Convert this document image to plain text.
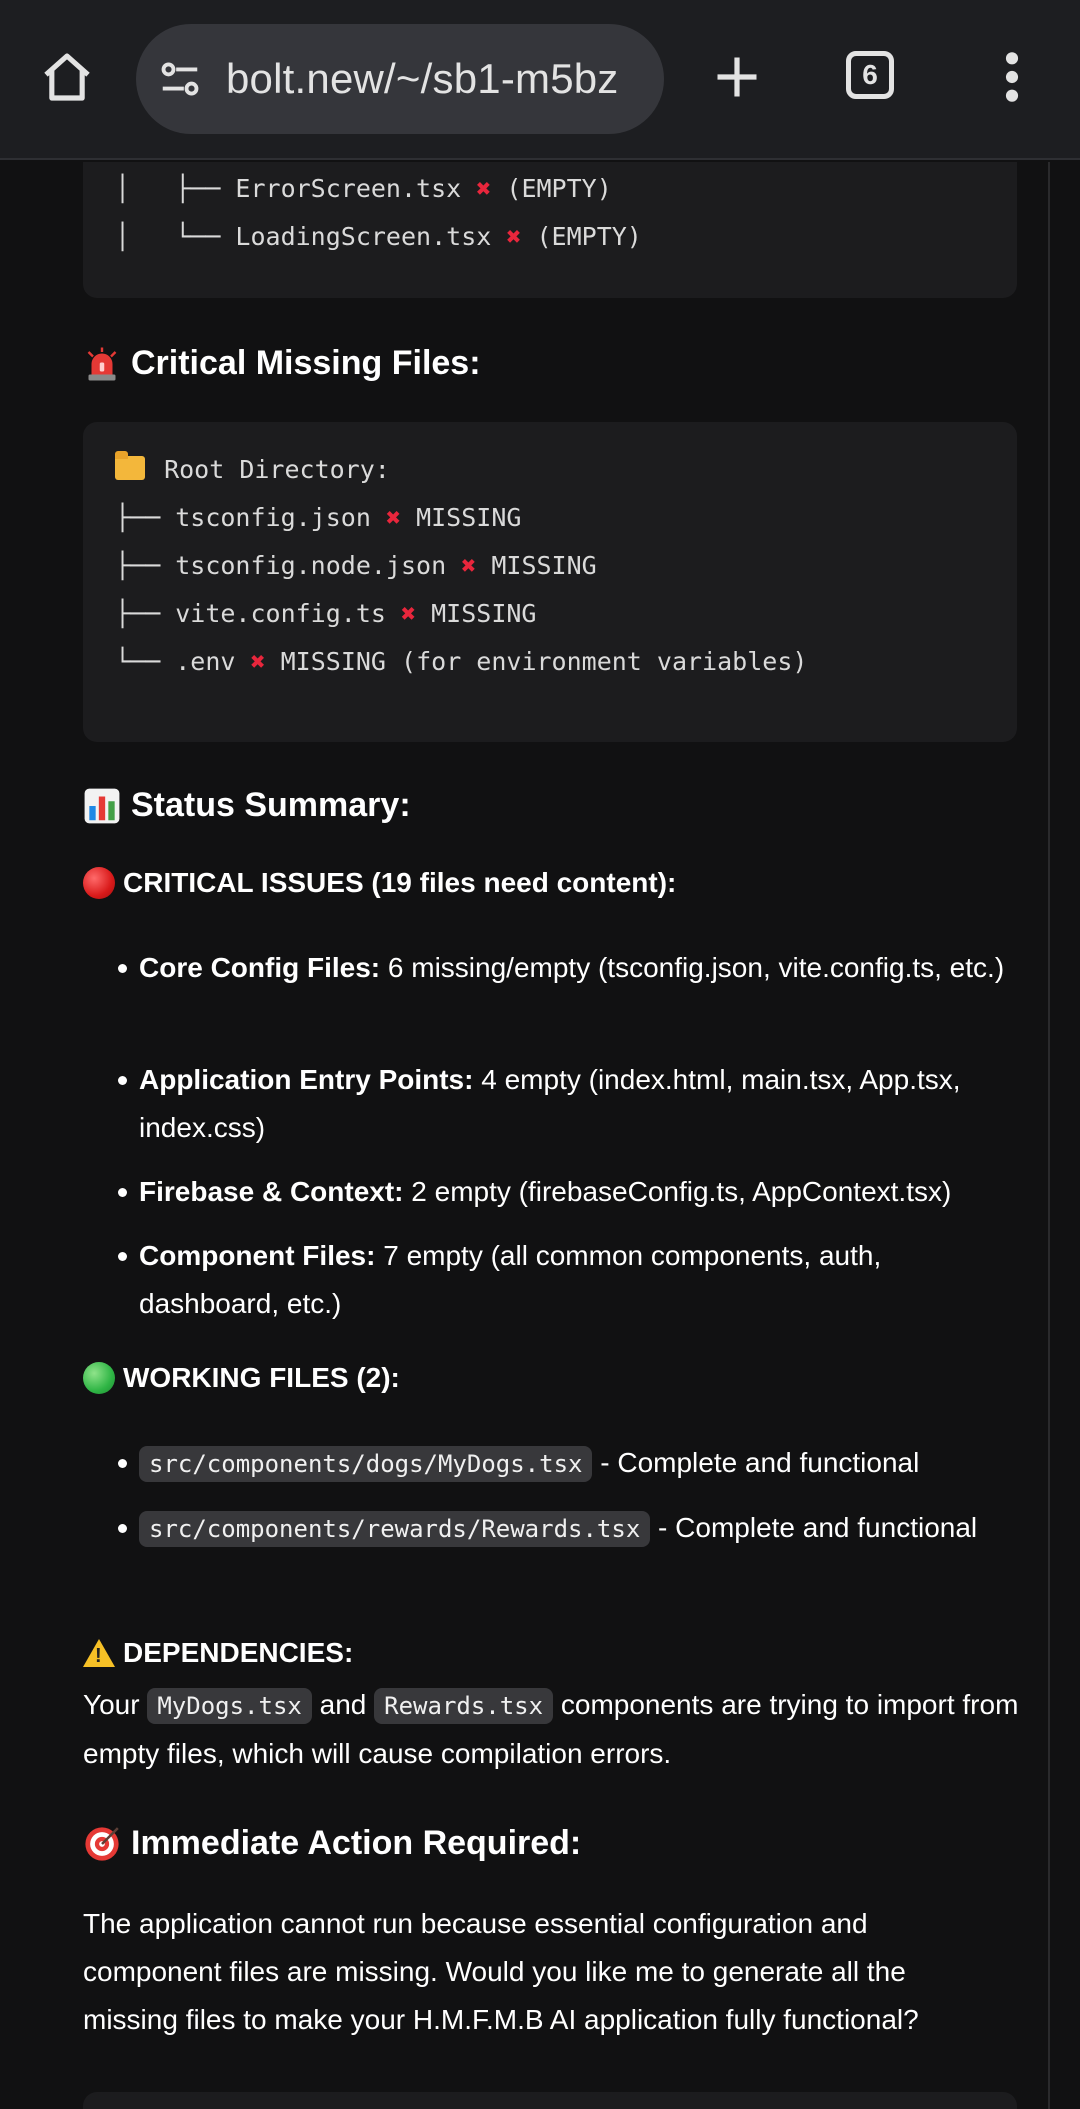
bolt.new/~/sb1-m5bz	6
│   ├── ErrorScreen.tsx ✖ (EMPTY)
│   └── LoadingScreen.tsx ✖ (EMPTY)
Critical Missing Files:
Root Directory:
├── tsconfig.json ✖ MISSING
├── tsconfig.node.json ✖ MISSING
├── vite.config.ts ✖ MISSING
└── .env ✖ MISSING (for environment variables)
Status Summary:
CRITICAL ISSUES (19 files need content):
Core Config Files: 6 missing/empty (tsconfig.json, vite.config.ts, etc.)
Application Entry Points: 4 empty (index.html, main.tsx, App.tsx, index.css)
Firebase & Context: 2 empty (firebaseConfig.ts, AppContext.tsx)
Component Files: 7 empty (all common components, auth, dashboard, etc.)
WORKING FILES (2):
src/components/dogs/MyDogs.tsx - Complete and functional
src/components/rewards/Rewards.tsx - Complete and functional
! DEPENDENCIES:
Your MyDogs.tsx and Rewards.tsx components are trying to import from empty files, which will cause compilation errors.
Immediate Action Required:
The application cannot run because essential configuration and component files are missing. Would you like me to generate all the missing files to make your H.M.F.M.B AI application fully functional?
